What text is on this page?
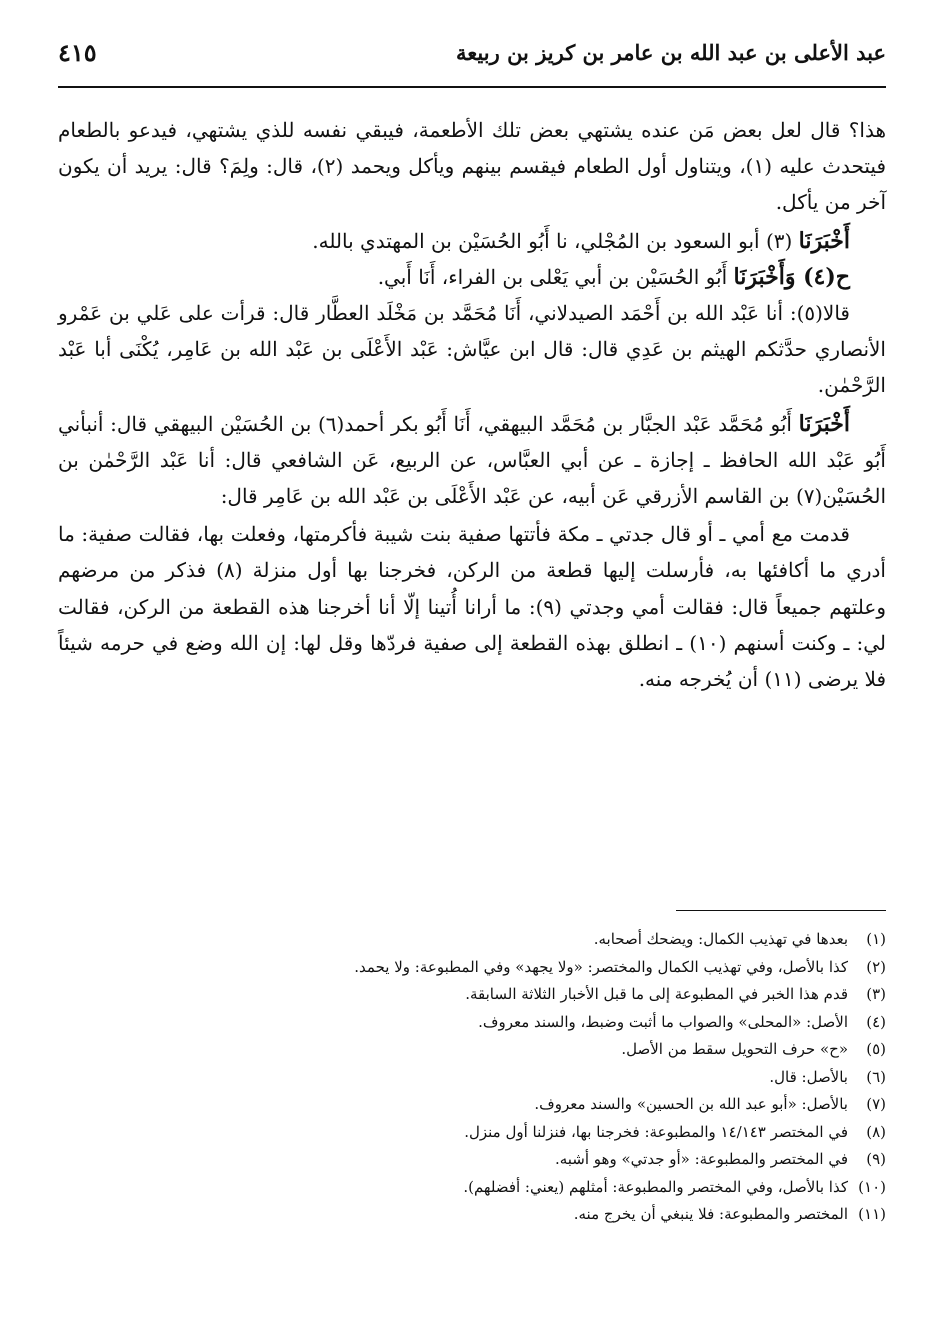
عبد الأعلى بن عبد الله بن عامر بن كريز بن ربيعة
٤١٥

هذا؟ قال لعل بعض مَن عنده يشتهي بعض تلك الأطعمة، فيبقي نفسه للذي يشتهي، فيدعو بالطعام فيتحدث عليه (١)، ويتناول أول الطعام فيقسم بينهم ويأكل ويحمد (٢)، قال: ولِمَ؟ قال: يريد أن يكون آخر من يأكل.

أَخْبَرَنَا (٣) أبو السعود بن المُجْلي، نا أَبُو الحُسَيْن بن المهتدي بالله.

ح(٤) وَأَخْبَرَنَا أَبُو الحُسَيْن بن أبي يَعْلى بن الفراء، أَنَا أَبي.

قالا(٥): أنا عَبْد الله بن أَحْمَد الصيدلاني، أَنَا مُحَمَّد بن مَخْلَد العطَّار قال: قرأت على عَلي بن عَمْرو الأنصاري حدَّثكم الهيثم بن عَدِي قال: قال ابن عيَّاش: عَبْد الأَعْلَى بن عَبْد الله بن عَامِر، يُكْنَى أبا عَبْد الرَّحْمٰن.

أَخْبَرَنَا أَبُو مُحَمَّد عَبْد الجبَّار بن مُحَمَّد البيهقي، أَنَا أَبُو بكر أحمد(٦) بن الحُسَيْن البيهقي قال: أنبأني أَبُو عَبْد الله الحافظ ـ إجازة ـ عن أبي العبَّاس، عن الربيع، عَن الشافعي قال: أنا عَبْد الرَّحْمٰن بن الحُسَيْن(٧) بن القاسم الأزرقي عَن أبيه، عن عَبْد الأَعْلَى بن عَبْد الله بن عَامِر قال:

قدمت مع أمي ـ أو قال جدتي ـ مكة فأتتها صفية بنت شيبة فأكرمتها، وفعلت بها، فقالت صفية: ما أدري ما أكافئها به، فأرسلت إليها قطعة من الركن، فخرجنا بها أول منزلة (٨) فذكر من مرضهم وعلتهم جميعاً قال: فقالت أمي وجدتي (٩): ما أرانا أُتينا إلّا أنا أخرجنا هذه القطعة من الركن، فقالت لي: ـ وكنت أسنهم (١٠) ـ انطلق بهذه القطعة إلى صفية فردّها وقل لها: إن الله وضع في حرمه شيئاً فلا يرضى (١١) أن يُخرجه منه.

(١)بعدها في تهذيب الكمال: ويضحك أصحابه.
(٢)كذا بالأصل، وفي تهذيب الكمال والمختصر: «ولا يجهد» وفي المطبوعة: ولا يحمد.
(٣)قدم هذا الخبر في المطبوعة إلى ما قبل الأخبار الثلاثة السابقة.
(٤)الأصل: «المحلى» والصواب ما أثبت وضبط، والسند معروف.
(٥)«ح» حرف التحويل سقط من الأصل.
(٦)بالأصل: قال.
(٧)بالأصل: «أبو عبد الله بن الحسين» والسند معروف.
(٨)في المختصر ١٤/١٤٣ والمطبوعة: فخرجنا بها، فنزلنا أول منزل.
(٩)في المختصر والمطبوعة: «أو جدتي» وهو أشبه.
(١٠)كذا بالأصل، وفي المختصر والمطبوعة: أمثلهم (يعني: أفضلهم).
(١١)المختصر والمطبوعة: فلا ينبغي أن يخرج منه.
